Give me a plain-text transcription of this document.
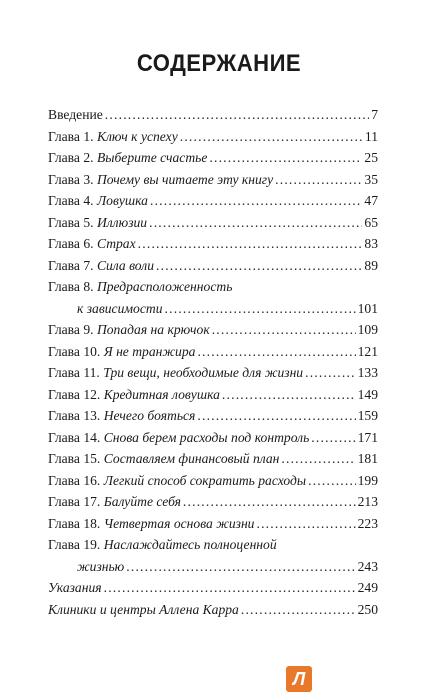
СОДЕРЖАНИЕ
Введение .....	7
Глава 1. Ключ к успеху .....	11
Глава 2. Выберите счастье .....	25
Глава 3. Почему вы читаете эту книгу .....	35
Глава 4. Ловушка .....	47
Глава 5. Иллюзии .....	65
Глава 6. Страх .....	83
Глава 7. Сила воли .....	89
Глава 8. Предрасположенность
к зависимости .....	101
Глава 9. Попадая на крючок .....	109
Глава 10. Я не транжира .....	121
Глава 11. Три вещи, необходимые для жизни .....	133
Глава 12. Кредитная ловушка .....	149
Глава 13. Нечего бояться .....	159
Глава 14. Снова берем расходы под контроль .....	171
Глава 15. Составляем финансовый план .....	181
Глава 16. Легкий способ сократить расходы .....	199
Глава 17. Балуйте себя .....	213
Глава 18. Четвертая основа жизни .....	223
Глава 19. Наслаждайтесь полноценной
жизнью .....	243
Указания .....	249
Клиники и центры Аллена Карра .....	250
Л
